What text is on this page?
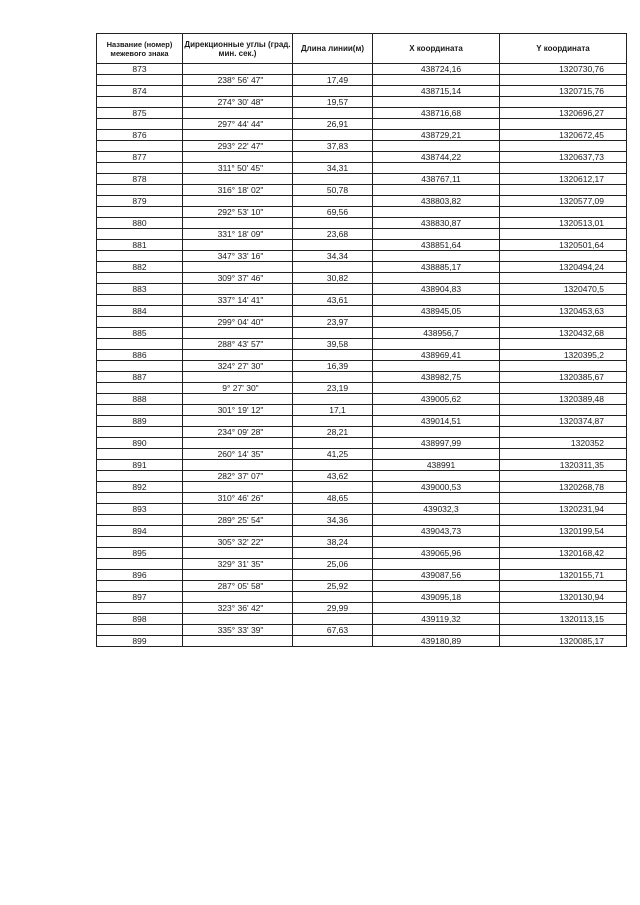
Название (номер) межевого знака	Дирекционные углы (град. мин. сек.)	Длина линии(м)	X координата	Y координата
873			438724,16	1320730,76
	238° 56' 47"	17,49		
874			438715,14	1320715,76
	274° 30' 48"	19,57		
875			438716,68	1320696,27
	297° 44' 44"	26,91		
876			438729,21	1320672,45
	293° 22' 47"	37,83		
877			438744,22	1320637,73
	311° 50' 45"	34,31		
878			438767,11	1320612,17
	316° 18' 02"	50,78		
879			438803,82	1320577,09
	292° 53' 10"	69,56		
880			438830,87	1320513,01
	331° 18' 09"	23,68		
881			438851,64	1320501,64
	347° 33' 16"	34,34		
882			438885,17	1320494,24
	309° 37' 46"	30,82		
883			438904,83	1320470,5
	337° 14' 41"	43,61		
884			438945,05	1320453,63
	299° 04' 40"	23,97		
885			438956,7	1320432,68
	288° 43' 57"	39,58		
886			438969,41	1320395,2
	324° 27' 30"	16,39		
887			438982,75	1320385,67
	9° 27' 30"	23,19		
888			439005,62	1320389,48
	301° 19' 12"	17,1		
889			439014,51	1320374,87
	234° 09' 28"	28,21		
890			438997,99	1320352
	260° 14' 35"	41,25		
891			438991	1320311,35
	282° 37' 07"	43,62		
892			439000,53	1320268,78
	310° 46' 26"	48,65		
893			439032,3	1320231,94
	289° 25' 54"	34,36		
894			439043,73	1320199,54
	305° 32' 22"	38,24		
895			439065,96	1320168,42
	329° 31' 35"	25,06		
896			439087,56	1320155,71
	287° 05' 58"	25,92		
897			439095,18	1320130,94
	323° 36' 42"	29,99		
898			439119,32	1320113,15
	335° 33' 39"	67,63		
899			439180,89	1320085,17
